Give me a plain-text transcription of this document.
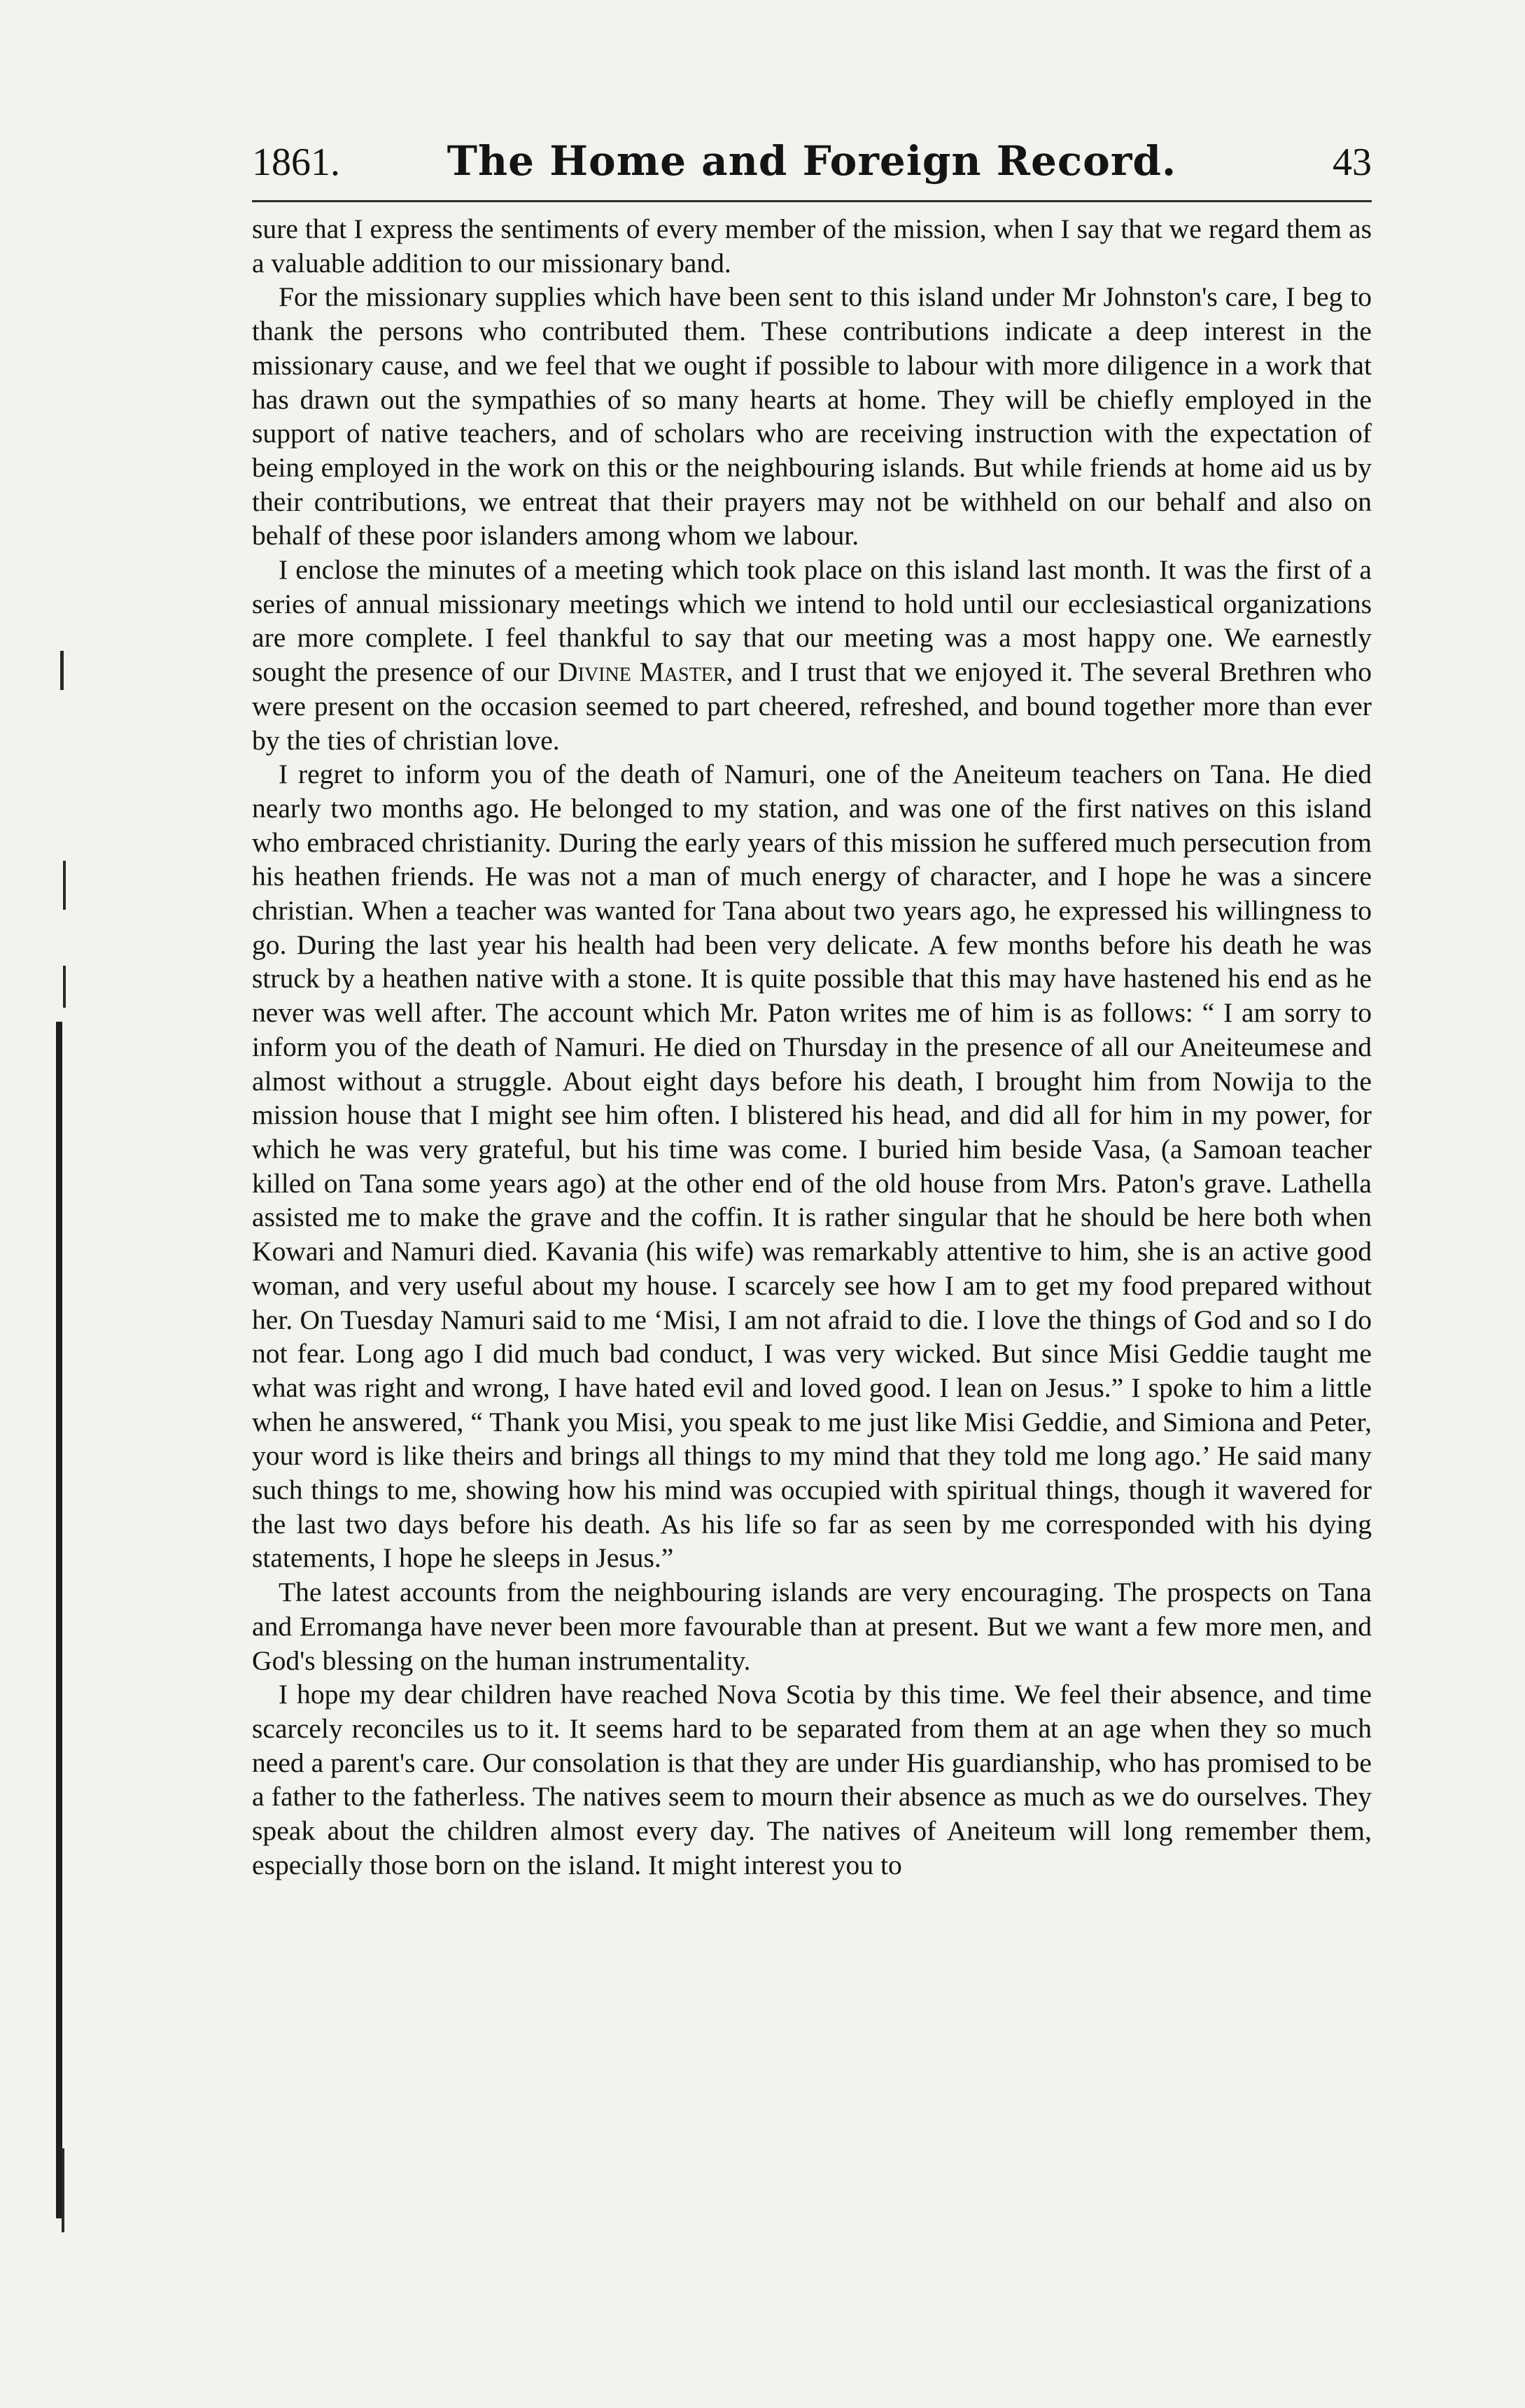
1861.	The Home and Foreign Record.	43

sure that I express the sentiments of every member of the mission, when I say that we regard them as a valuable addition to our missionary band.

For the missionary supplies which have been sent to this island under Mr Johnston's care, I beg to thank the persons who contributed them. These contributions indicate a deep interest in the missionary cause, and we feel that we ought if possible to labour with more diligence in a work that has drawn out the sympathies of so many hearts at home. They will be chiefly employed in the support of native teachers, and of scholars who are receiving instruction with the expectation of being employed in the work on this or the neighbouring islands. But while friends at home aid us by their contributions, we entreat that their prayers may not be withheld on our behalf and also on behalf of these poor islanders among whom we labour.

I enclose the minutes of a meeting which took place on this island last month. It was the first of a series of annual missionary meetings which we intend to hold until our ecclesiastical organizations are more complete. I feel thankful to say that our meeting was a most happy one. We earnestly sought the presence of our Divine Master, and I trust that we enjoyed it. The several Brethren who were present on the occasion seemed to part cheered, refreshed, and bound together more than ever by the ties of christian love.

I regret to inform you of the death of Namuri, one of the Aneiteum teachers on Tana. He died nearly two months ago. He belonged to my station, and was one of the first natives on this island who embraced christianity. During the early years of this mission he suffered much persecution from his heathen friends. He was not a man of much energy of character, and I hope he was a sincere christian. When a teacher was wanted for Tana about two years ago, he expressed his willingness to go. During the last year his health had been very delicate. A few months before his death he was struck by a heathen native with a stone. It is quite possible that this may have hastened his end as he never was well after. The account which Mr. Paton writes me of him is as follows: “ I am sorry to inform you of the death of Namuri. He died on Thursday in the presence of all our Aneiteumese and almost without a struggle. About eight days before his death, I brought him from Nowija to the mission house that I might see him often. I blistered his head, and did all for him in my power, for which he was very grateful, but his time was come. I buried him beside Vasa, (a Samoan teacher killed on Tana some years ago) at the other end of the old house from Mrs. Paton's grave. Lathella assisted me to make the grave and the coffin. It is rather singular that he should be here both when Kowari and Namuri died. Kavania (his wife) was remarkably attentive to him, she is an active good woman, and very useful about my house. I scarcely see how I am to get my food prepared without her. On Tuesday Namuri said to me ‘Misi, I am not afraid to die. I love the things of God and so I do not fear. Long ago I did much bad conduct, I was very wicked. But since Misi Geddie taught me what was right and wrong, I have hated evil and loved good. I lean on Jesus.” I spoke to him a little when he answered, “ Thank you Misi, you speak to me just like Misi Geddie, and Simiona and Peter, your word is like theirs and brings all things to my mind that they told me long ago.’ He said many such things to me, showing how his mind was occupied with spiritual things, though it wavered for the last two days before his death. As his life so far as seen by me corresponded with his dying statements, I hope he sleeps in Jesus.”

The latest accounts from the neighbouring islands are very encouraging. The prospects on Tana and Erromanga have never been more favourable than at present. But we want a few more men, and God's blessing on the human instrumentality.

I hope my dear children have reached Nova Scotia by this time. We feel their absence, and time scarcely reconciles us to it. It seems hard to be separated from them at an age when they so much need a parent's care. Our consolation is that they are under His guardianship, who has promised to be a father to the fatherless. The natives seem to mourn their absence as much as we do ourselves. They speak about the children almost every day. The natives of Aneiteum will long remember them, especially those born on the island. It might interest you to
